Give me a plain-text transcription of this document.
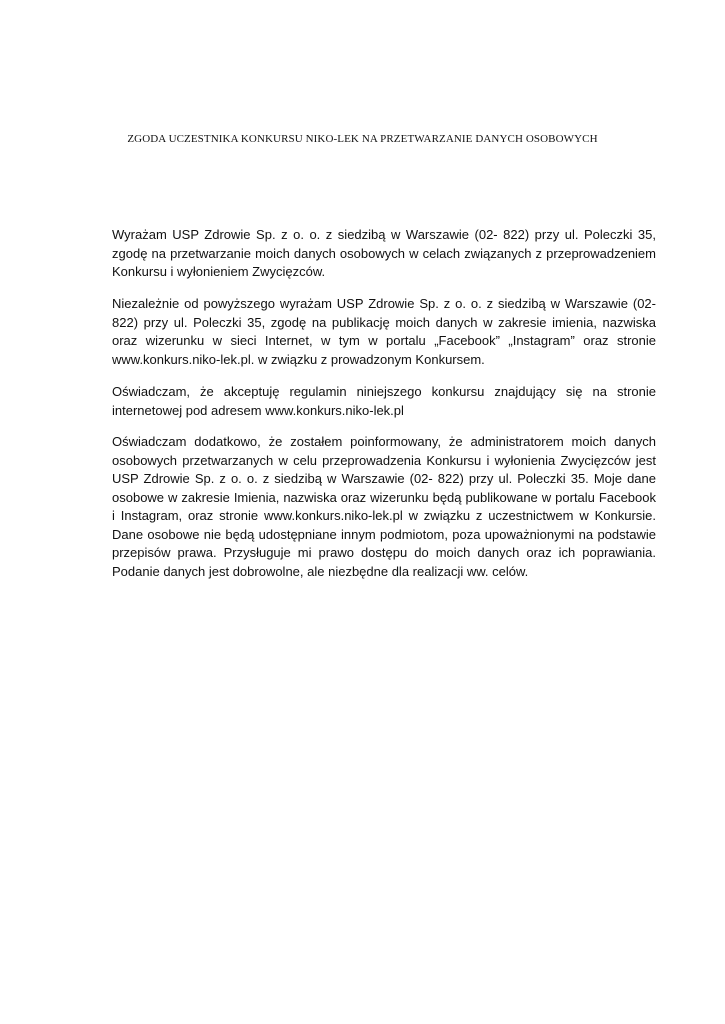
ZGODA UCZESTNIKA KONKURSU NIKO-LEK NA PRZETWARZANIE DANYCH OSOBOWYCH

Wyrażam USP Zdrowie Sp. z o. o. z siedzibą w Warszawie (02- 822) przy ul. Poleczki 35, zgodę na przetwarzanie moich danych osobowych w celach związanych z przeprowadzeniem Konkursu i wyłonieniem Zwycięzców.

Niezależnie od powyższego wyrażam USP Zdrowie Sp. z o. o. z siedzibą w Warszawie (02-822) przy ul. Poleczki 35, zgodę na publikację moich danych w zakresie imienia, nazwiska oraz wizerunku w sieci Internet, w tym w portalu „Facebook” „Instagram” oraz stronie www.konkurs.niko-lek.pl. w związku z prowadzonym Konkursem.

Oświadczam, że akceptuję regulamin niniejszego konkursu znajdujący się na stronie internetowej pod adresem www.konkurs.niko-lek.pl

Oświadczam dodatkowo, że zostałem poinformowany, że administratorem moich danych osobowych przetwarzanych w celu przeprowadzenia Konkursu i wyłonienia Zwycięzców jest USP Zdrowie Sp. z o. o. z siedzibą w Warszawie (02- 822) przy ul. Poleczki 35. Moje dane osobowe w zakresie Imienia, nazwiska oraz wizerunku będą publikowane w portalu Facebook i Instagram, oraz stronie www.konkurs.niko-lek.pl w związku z uczestnictwem w Konkursie. Dane osobowe nie będą udostępniane innym podmiotom, poza upoważnionymi na podstawie przepisów prawa. Przysługuje mi prawo dostępu do moich danych oraz ich poprawiania. Podanie danych jest dobrowolne, ale niezbędne dla realizacji ww. celów.
